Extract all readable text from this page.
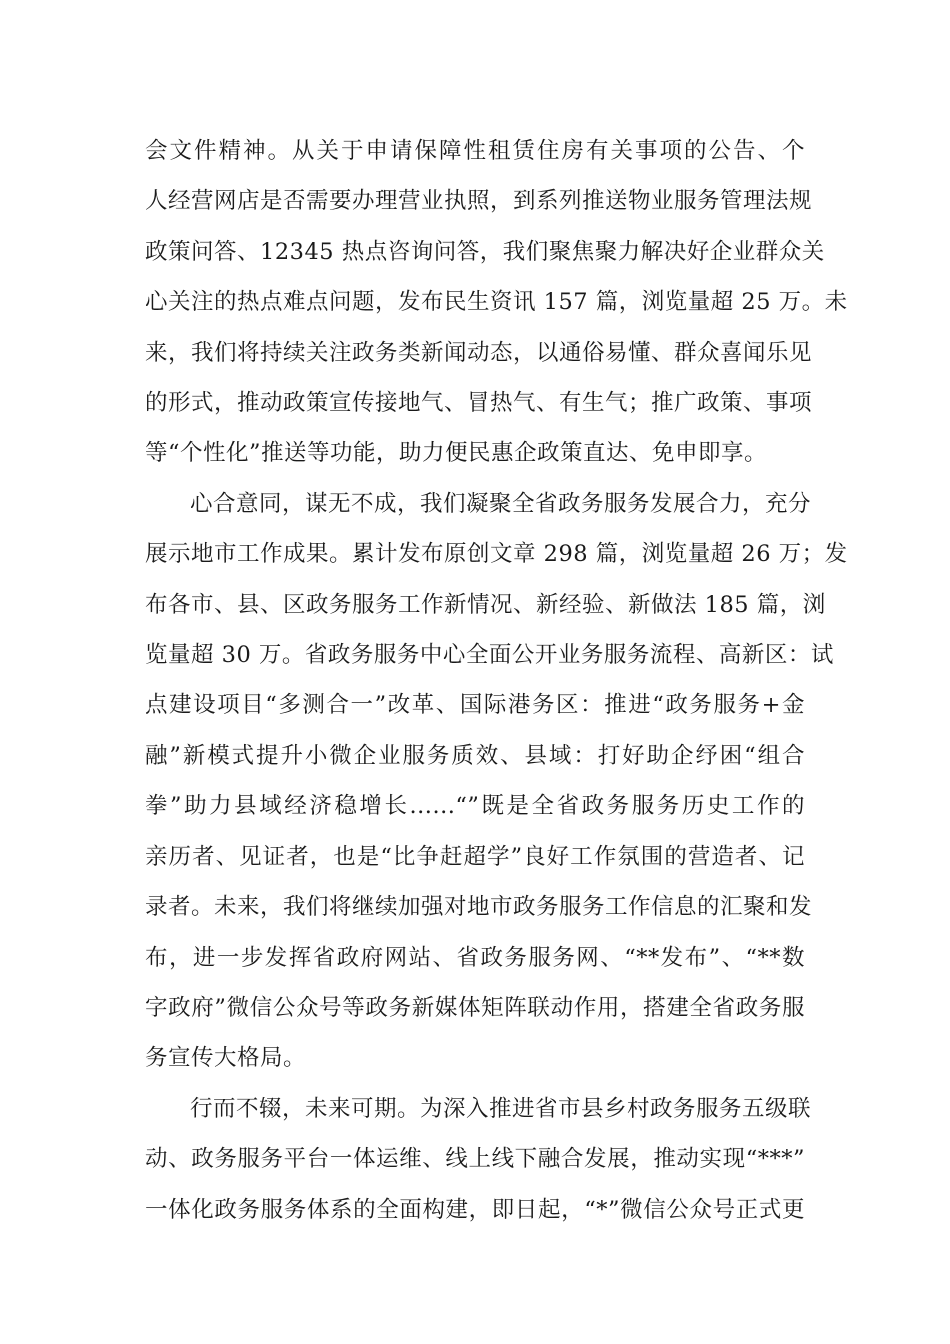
会文件精神。从关于申请保障性租赁住房有关事项的公告、个
人经营网店是否需要办理营业执照，到系列推送物业服务管理法规
政策问答、12345 热点咨询问答，我们聚焦聚力解决好企业群众关
心关注的热点难点问题，发布民生资讯 157 篇，浏览量超 25 万。未
来，我们将持续关注政务类新闻动态，以通俗易懂、群众喜闻乐见
的形式，推动政策宣传接地气、冒热气、有生气；推广政策、事项
等“个性化”推送等功能，助力便民惠企政策直达、免申即享。

心合意同，谋无不成，我们凝聚全省政务服务发展合力，充分
展示地市工作成果。累计发布原创文章 298 篇，浏览量超 26 万；发
布各市、县、区政务服务工作新情况、新经验、新做法 185 篇，浏
览量超 30 万。省政务服务中心全面公开业务服务流程、高新区：试
点建设项目“多测合一”改革、国际港务区：推进“政务服务+金
融”新模式提升小微企业服务质效、县域：打好助企纾困“组合
拳”助力县域经济稳增长......“”既是全省政务服务历史工作的
亲历者、见证者，也是“比争赶超学”良好工作氛围的营造者、记
录者。未来，我们将继续加强对地市政务服务工作信息的汇聚和发
布，进一步发挥省政府网站、省政务服务网、“**发布”、“**数
字政府”微信公众号等政务新媒体矩阵联动作用，搭建全省政务服
务宣传大格局。

行而不辍，未来可期。为深入推进省市县乡村政务服务五级联
动、政务服务平台一体运维、线上线下融合发展，推动实现“***”
一体化政务服务体系的全面构建，即日起，“*”微信公众号正式更
